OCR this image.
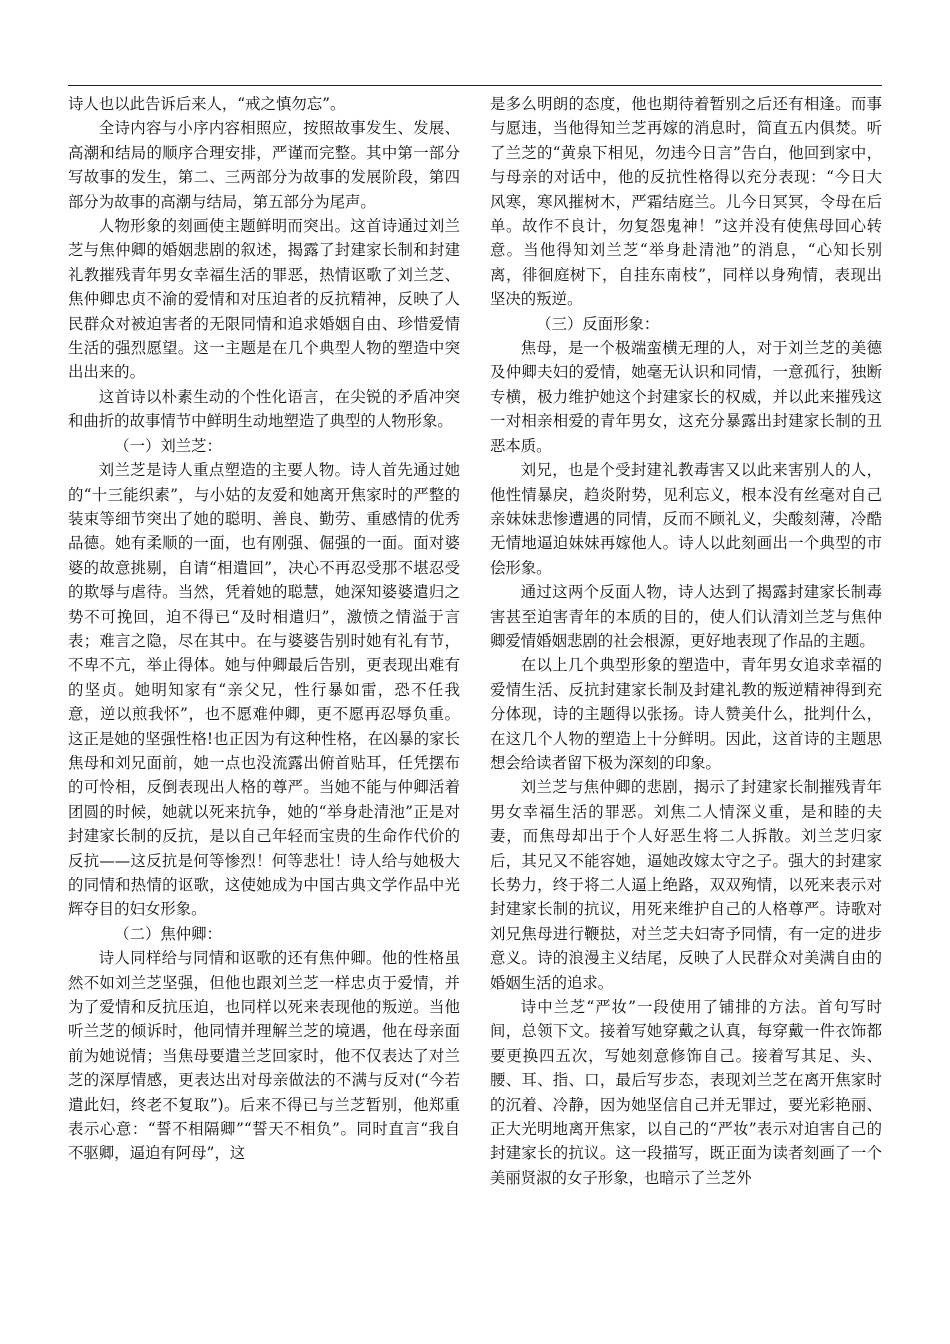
诗人也以此告诉后来人，“戒之慎勿忘”。

全诗内容与小序内容相照应，按照故事发生、发展、高潮和结局的顺序合理安排，严谨而完整。其中第一部分写故事的发生，第二、三两部分为故事的发展阶段，第四部分为故事的高潮与结局，第五部分为尾声。

人物形象的刻画使主题鲜明而突出。这首诗通过刘兰芝与焦仲卿的婚姻悲剧的叙述，揭露了封建家长制和封建礼教摧残青年男女幸福生活的罪恶，热情讴歌了刘兰芝、焦仲卿忠贞不渝的爱情和对压迫者的反抗精神，反映了人民群众对被迫害者的无限同情和追求婚姻自由、珍惜爱情生活的强烈愿望。这一主题是在几个典型人物的塑造中突出出来的。

这首诗以朴素生动的个性化语言，在尖锐的矛盾冲突和曲折的故事情节中鲜明生动地塑造了典型的人物形象。

（一）刘兰芝：

刘兰芝是诗人重点塑造的主要人物。诗人首先通过她的“十三能织素”，与小姑的友爱和她离开焦家时的严整的装束等细节突出了她的聪明、善良、勤劳、重感情的优秀品德。她有柔顺的一面，也有刚强、倔强的一面。面对婆婆的故意挑剔，自请“相遣回”，决心不再忍受那不堪忍受的欺辱与虐待。当然，凭着她的聪慧，她深知婆婆遣归之势不可挽回，迫不得已“及时相遣归”，激愤之情溢于言表；难言之隐，尽在其中。在与婆婆告别时她有礼有节，不卑不亢，举止得体。她与仲卿最后告别，更表现出难有的坚贞。她明知家有“亲父兄，性行暴如雷，恐不任我意，逆以煎我怀”，也不愿难仲卿，更不愿再忍辱负重。这正是她的坚强性格!也正因为有这种性格，在凶暴的家长焦母和刘兄面前，她一点也没流露出俯首贴耳，任凭摆布的可怜相，反倒表现出人格的尊严。当她不能与仲卿活着团圆的时候，她就以死来抗争，她的“举身赴清池”正是对封建家长制的反抗，是以自己年轻而宝贵的生命作代价的反抗——这反抗是何等惨烈！何等悲壮！诗人给与她极大的同情和热情的讴歌，这使她成为中国古典文学作品中光辉夺目的妇女形象。

（二）焦仲卿：

诗人同样给与同情和讴歌的还有焦仲卿。他的性格虽然不如刘兰芝坚强，但他也跟刘兰芝一样忠贞于爱情，并为了爱情和反抗压迫，也同样以死来表现他的叛逆。当他听兰芝的倾诉时，他同情并理解兰芝的境遇，他在母亲面前为她说情；当焦母要遣兰芝回家时，他不仅表达了对兰芝的深厚情感，更表达出对母亲做法的不满与反对(“今若遣此妇，终老不复取”)。后来不得已与兰芝暂别，他郑重表示心意：“誓不相隔卿”“誓天不相负”。同时直言“我自不驱卿，逼迫有阿母”，这

是多么明朗的态度，他也期待着暂别之后还有相逢。而事与愿违，当他得知兰芝再嫁的消息时，简直五内俱焚。听了兰芝的“黄泉下相见，勿违今日言”告白，他回到家中，与母亲的对话中，他的反抗性格得以充分表现：“今日大风寒，寒风摧树木，严霜结庭兰。儿今日冥冥，令母在后单。故作不良计，勿复怨鬼神！”这并没有使焦母回心转意。当他得知刘兰芝“举身赴清池”的消息，“心知长别离，徘徊庭树下，自挂东南枝”，同样以身殉情，表现出坚决的叛逆。

（三）反面形象：

焦母，是一个极端蛮横无理的人，对于刘兰芝的美德及仲卿夫妇的爱情，她毫无认识和同情，一意孤行，独断专横，极力维护她这个封建家长的权威，并以此来摧残这一对相亲相爱的青年男女，这充分暴露出封建家长制的丑恶本质。

刘兄，也是个受封建礼教毒害又以此来害别人的人，他性情暴戾，趋炎附势，见利忘义，根本没有丝毫对自己亲妹妹悲惨遭遇的同情，反而不顾礼义，尖酸刻薄，冷酷无情地逼迫妹妹再嫁他人。诗人以此刻画出一个典型的市侩形象。

通过这两个反面人物，诗人达到了揭露封建家长制毒害甚至迫害青年的本质的目的，使人们认清刘兰芝与焦仲卿爱情婚姻悲剧的社会根源，更好地表现了作品的主题。

在以上几个典型形象的塑造中，青年男女追求幸福的爱情生活、反抗封建家长制及封建礼教的叛逆精神得到充分体现，诗的主题得以张扬。诗人赞美什么，批判什么，在这几个人物的塑造上十分鲜明。因此，这首诗的主题思想会给读者留下极为深刻的印象。

刘兰芝与焦仲卿的悲剧，揭示了封建家长制摧残青年男女幸福生活的罪恶。刘焦二人情深义重，是和睦的夫妻，而焦母却出于个人好恶生将二人拆散。刘兰芝归家后，其兄又不能容她，逼她改嫁太守之子。强大的封建家长势力，终于将二人逼上绝路，双双殉情，以死来表示对封建家长制的抗议，用死来维护自己的人格尊严。诗歌对刘兄焦母进行鞭挞，对兰芝夫妇寄予同情，有一定的进步意义。诗的浪漫主义结尾，反映了人民群众对美满自由的婚姻生活的追求。

诗中兰芝“严妆”一段使用了铺排的方法。首句写时间，总领下文。接着写她穿戴之认真，每穿戴一件衣饰都要更换四五次，写她刻意修饰自己。接着写其足、头、腰、耳、指、口，最后写步态，表现刘兰芝在离开焦家时的沉着、冷静，因为她坚信自己并无罪过，要光彩艳丽、正大光明地离开焦家，以自己的“严妆”表示对迫害自己的封建家长的抗议。这一段描写，既正面为读者刻画了一个美丽贤淑的女子形象，也暗示了兰芝外
